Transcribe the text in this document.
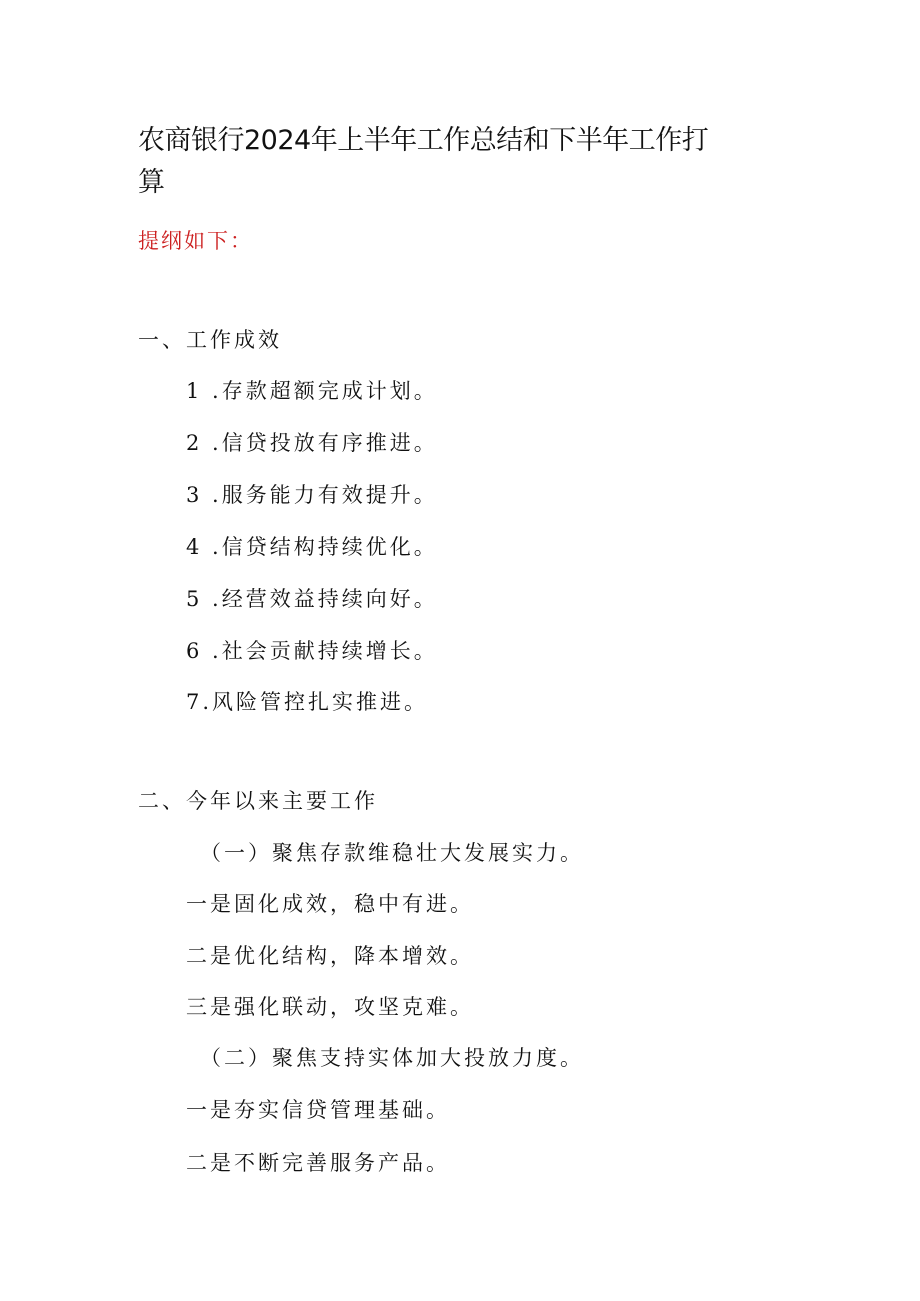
农商银行2024年上半年工作总结和下半年工作打算
提纲如下：
一、工作成效
1 .存款超额完成计划。
2 .信贷投放有序推进。
3 .服务能力有效提升。
4 .信贷结构持续优化。
5 .经营效益持续向好。
6 .社会贡献持续增长。
7.风险管控扎实推进。
二、今年以来主要工作
（一）聚焦存款维稳壮大发展实力。
一是固化成效，稳中有进。
二是优化结构，降本增效。
三是强化联动，攻坚克难。
（二）聚焦支持实体加大投放力度。
一是夯实信贷管理基础。
二是不断完善服务产品。
